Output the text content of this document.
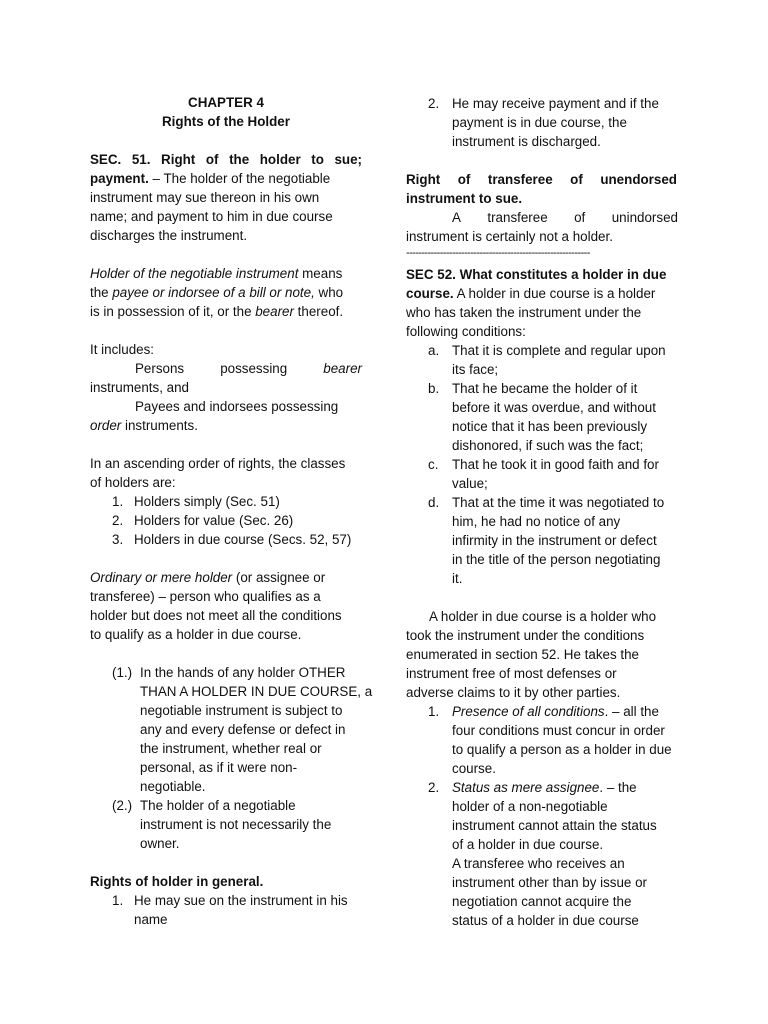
CHAPTER 4
Rights of the Holder
SEC. 51. Right of the holder to sue;
payment. – The holder of the negotiable
instrument may sue thereon in his own
name; and payment to him in due course
discharges the instrument.
Holder of the negotiable instrument means
the payee or indorsee of a bill or note, who
is in possession of it, or the bearer thereof.
It includes:
Persons	possessing	bearer
instruments, and
Payees and indorsees possessing
order instruments.
In an ascending order of rights, the classes
of holders are:
1. Holders simply (Sec. 51)
2. Holders for value (Sec. 26)
3. Holders in due course (Secs. 52, 57)
Ordinary or mere holder (or assignee or
transferee) – person who qualifies as a
holder but does not meet all the conditions
to qualify as a holder in due course.
(1.) In the hands of any holder OTHER
THAN A HOLDER IN DUE COURSE, a
negotiable instrument is subject to
any and every defense or defect in
the instrument, whether real or
personal, as if it were non-
negotiable.
(2.) The holder of a negotiable
instrument is not necessarily the
owner.
Rights of holder in general.
1. He may sue on the instrument in his
name
2. He may receive payment and if the
payment is in due course, the
instrument is discharged.
Right of transferee of unendorsed
instrument to sue.
A transferee of unindorsed
instrument is certainly not a holder.
------------------------------------------------------------
SEC 52. What constitutes a holder in due
course. A holder in due course is a holder
who has taken the instrument under the
following conditions:
a. That it is complete and regular upon
its face;
b. That he became the holder of it
before it was overdue, and without
notice that it has been previously
dishonored, if such was the fact;
c. That he took it in good faith and for
value;
d. That at the time it was negotiated to
him, he had no notice of any
infirmity in the instrument or defect
in the title of the person negotiating
it.
A holder in due course is a holder who
took the instrument under the conditions
enumerated in section 52. He takes the
instrument free of most defenses or
adverse claims to it by other parties.
1. Presence of all conditions. – all the
four conditions must concur in order
to qualify a person as a holder in due
course.
2. Status as mere assignee. – the
holder of a non-negotiable
instrument cannot attain the status
of a holder in due course.
A transferee who receives an
instrument other than by issue or
negotiation cannot acquire the
status of a holder in due course
